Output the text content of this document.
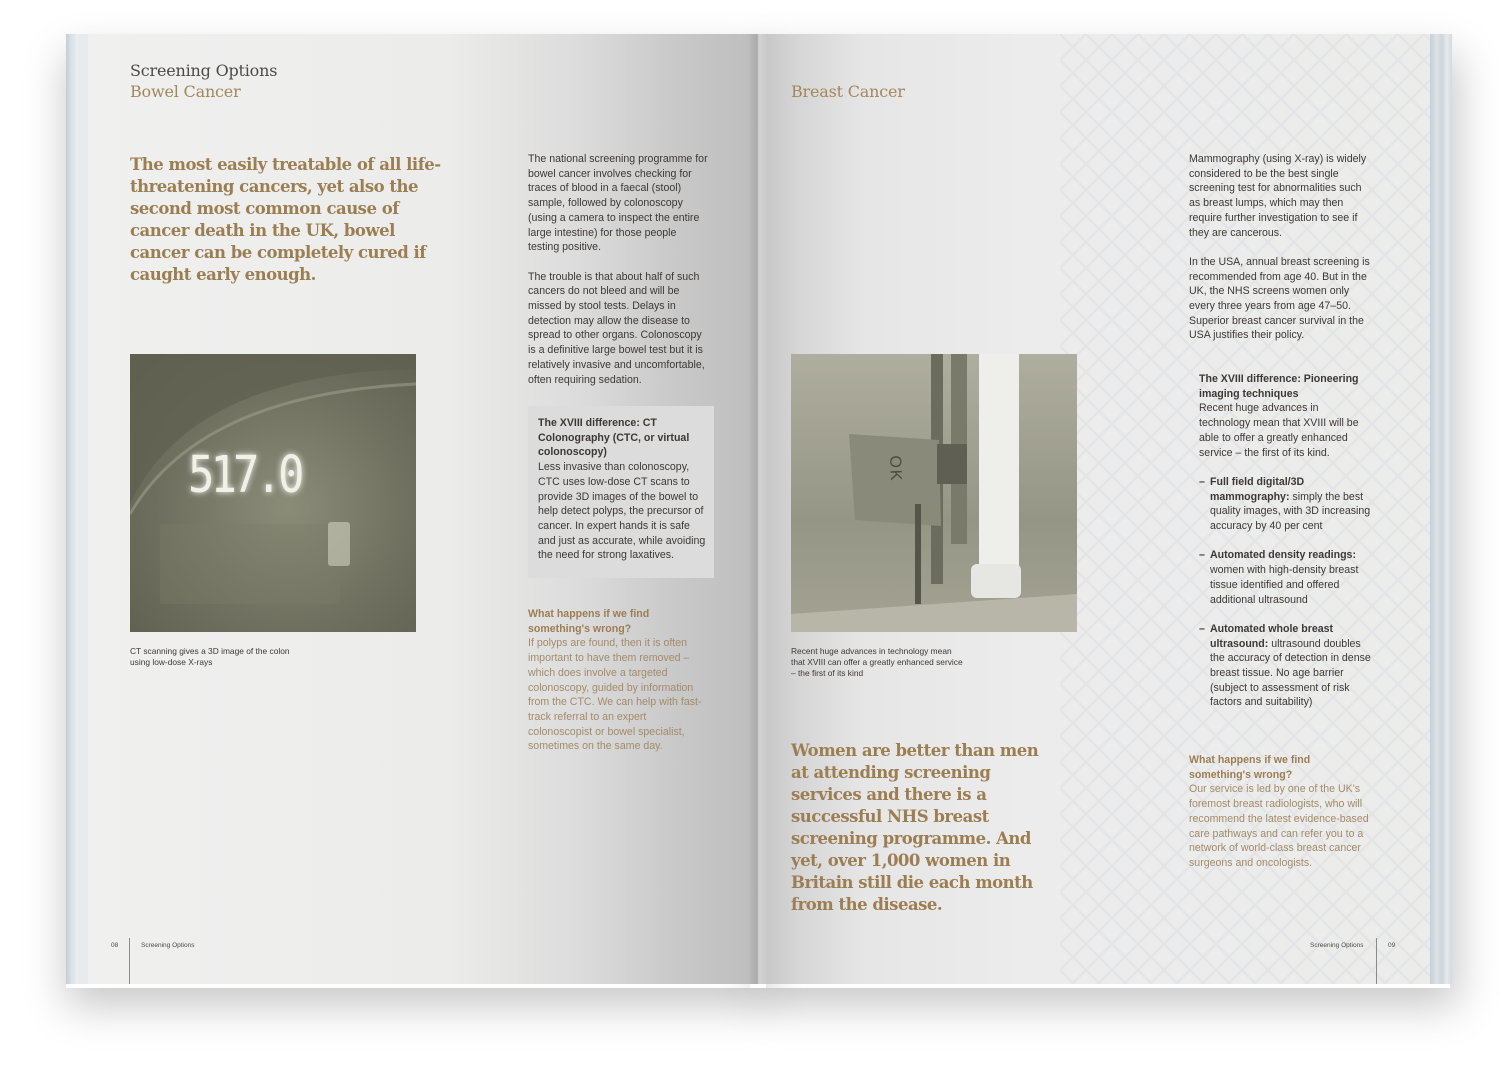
Screening Options
Bowel Cancer
The most easily treatable of all life-threatening cancers, yet also the second most common cause of cancer death in the UK, bowel cancer can be completely cured if caught early enough.
517.0
CT scanning gives a 3D image of the colon using low-dose X-rays

The national screening programme for bowel cancer involves checking for traces of blood in a faecal (stool) sample, followed by colonoscopy (using a camera to inspect the entire large intestine) for those people testing positive.

The trouble is that about half of such cancers do not bleed and will be missed by stool tests. Delays in detection may allow the disease to spread to other organs. Colonoscopy is a definitive large bowel test but it is relatively invasive and uncomfortable, often requiring sedation.

The XVIII difference: CT Colonography (CTC, or virtual colonoscopy)
Less invasive than colonoscopy, CTC uses low-dose CT scans to provide 3D images of the bowel to help detect polyps, the precursor of cancer. In expert hands it is safe and just as accurate, while avoiding the need for strong laxatives.
What happens if we find something's wrong?
If polyps are found, then it is often important to have them removed – which does involve a targeted colonoscopy, guided by information from the CTC. We can help with fast-track referral to an expert colonoscopist or bowel specialist, sometimes on the same day.
08	Screening Options
Breast Cancer
OK
Recent huge advances in technology mean that XVIII can offer a greatly enhanced service – the first of its kind
Women are better than men at attending screening services and there is a successful NHS breast screening programme. And yet, over 1,000 women in Britain still die each month from the disease.

Mammography (using X-ray) is widely considered to be the best single screening test for abnormalities such as breast lumps, which may then require further investigation to see if they are cancerous.

In the USA, annual breast screening is recommended from age 40. But in the UK, the NHS screens women only every three years from age 47–50. Superior breast cancer survival in the USA justifies their policy.

The XVIII difference: Pioneering imaging techniques
Recent huge advances in technology mean that XVIII will be able to offer a greatly enhanced service – the first of its kind.
– Full field digital/3D mammography: simply the best quality images, with 3D increasing accuracy by 40 per cent
– Automated density readings: women with high-density breast tissue identified and offered additional ultrasound
– Automated whole breast ultrasound: ultrasound doubles the accuracy of detection in dense breast tissue. No age barrier (subject to assessment of risk factors and suitability)
What happens if we find something's wrong?
Our service is led by one of the UK's foremost breast radiologists, who will recommend the latest evidence-based care pathways and can refer you to a network of world-class breast cancer surgeons and oncologists.
Screening Options	09
